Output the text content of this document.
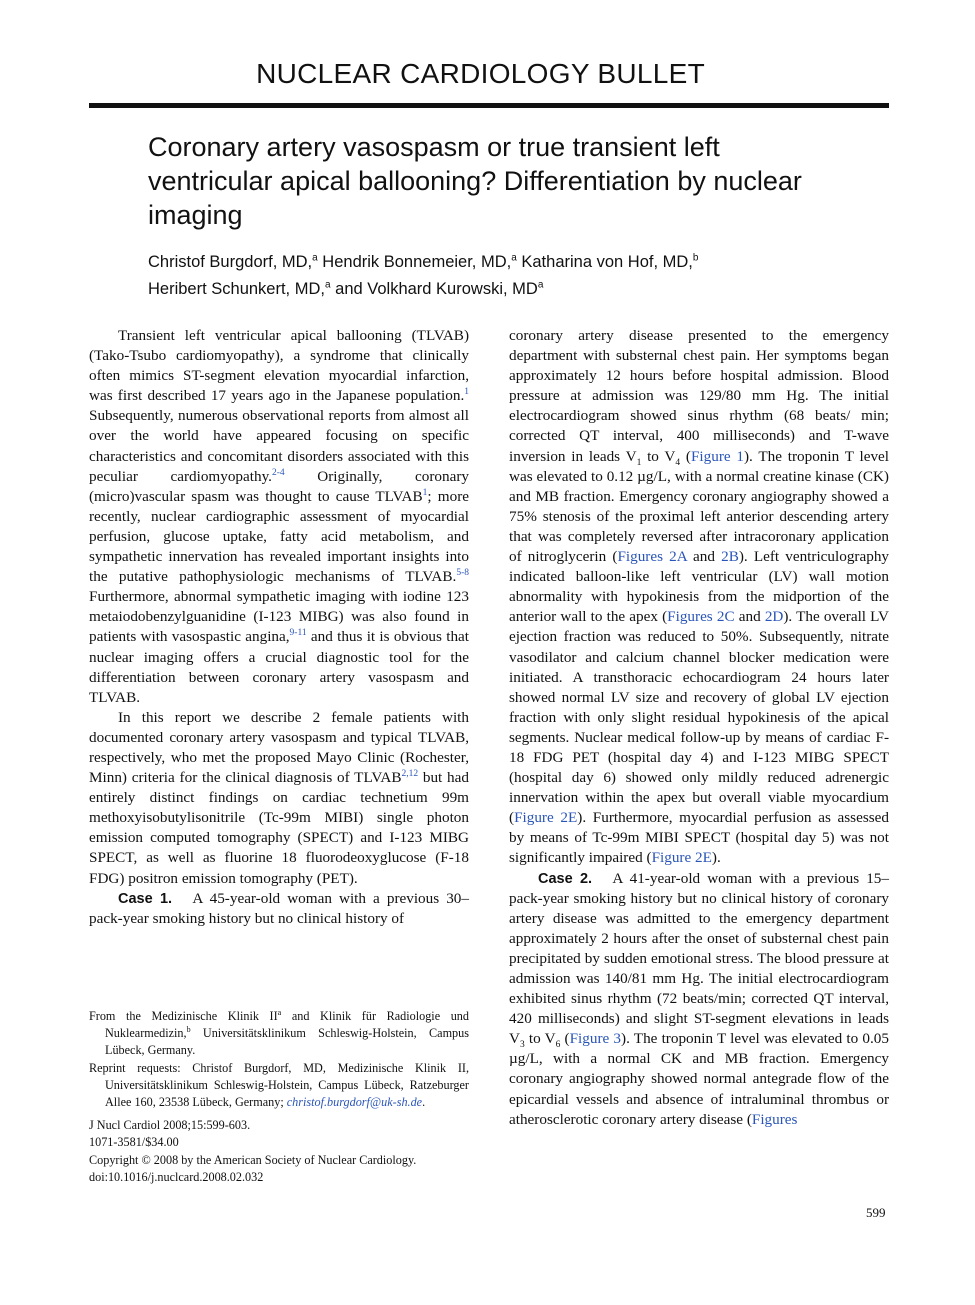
NUCLEAR CARDIOLOGY BULLET
Coronary artery vasospasm or true transient left ventricular apical ballooning? Differentiation by nuclear imaging
Christof Burgdorf, MD,$^a$ Hendrik Bonnemeier, MD,$^a$ Katharina von Hof, MD,$^b$
Heribert Schunkert, MD,$^a$ and Volkhard Kurowski, $MD^a$

Transient left ventricular apical ballooning (TLVAB) (Tako-Tsubo cardiomyopathy), a syndrome that clinically often mimics ST-segment elevation myocardial infarction, was first described 17 years ago in the Japanese population.$^1$ Subsequently, numerous observational reports from almost all over the world have appeared focusing on specific characteristics and concomitant disorders associated with this peculiar cardiomyopathy.$^{2-4}$ Originally, coronary (micro)vascular spasm was thought to cause TLVAB$^1$; more recently, nuclear cardiographic assessment of myocardial perfusion, glucose uptake, fatty acid metabolism, and sympathetic innervation has revealed important insights into the putative pathophysiologic mechanisms of TLVAB.$^{5-8}$ Furthermore, abnormal sympathetic imaging with iodine 123 metaiodobenzylguanidine (I-123 MIBG) was also found in patients with vasospastic angina,$^{9-11}$ and thus it is obvious that nuclear imaging offers a crucial diagnostic tool for the differentiation between coronary artery vasospasm and TLVAB.

In this report we describe 2 female patients with documented coronary artery vasospasm and typical TLVAB, respectively, who met the proposed Mayo Clinic (Rochester, Minn) criteria for the clinical diagnosis of TLVAB$^{2,12}$ but had entirely distinct findings on cardiac technetium 99m methoxyisobutylisonitrile (Tc-99m MIBI) single photon emission computed tomography (SPECT) and I-123 MIBG SPECT, as well as fluorine 18 fluorodeoxyglucose (F-18 FDG) positron emission tomography (PET).

Case 1. A 45-year-old woman with a previous 30–pack-year smoking history but no clinical history of

coronary artery disease presented to the emergency department with substernal chest pain. Her symptoms began approximately 12 hours before hospital admission. Blood pressure at admission was 129/80 mm Hg. The initial electrocardiogram showed sinus rhythm (68 beats/ min; corrected QT interval, 400 milliseconds) and T-wave inversion in leads $V_1$ to $V_4$ (Figure 1). The troponin T level was elevated to 0.12 µg/L, with a normal creatine kinase (CK) and MB fraction. Emergency coronary angiography showed a 75% stenosis of the proximal left anterior descending artery that was completely reversed after intracoronary application of nitroglycerin (Figures 2A and 2B). Left ventriculography indicated balloon-like left ventricular (LV) wall motion abnormality with hypokinesis from the midportion of the anterior wall to the apex (Figures 2C and 2D). The overall LV ejection fraction was reduced to 50%. Subsequently, nitrate vasodilator and calcium channel blocker medication were initiated. A transthoracic echocardiogram 24 hours later showed normal LV size and recovery of global LV ejection fraction with only slight residual hypokinesis of the apical segments. Nuclear medical follow-up by means of cardiac F-18 FDG PET (hospital day 4) and I-123 MIBG SPECT (hospital day 6) showed only mildly reduced adrenergic innervation within the apex but overall viable myocardium (Figure 2E). Furthermore, myocardial perfusion as assessed by means of Tc-99m MIBI SPECT (hospital day 5) was not significantly impaired (Figure 2E).

Case 2. A 41-year-old woman with a previous 15–pack-year smoking history but no clinical history of coronary artery disease was admitted to the emergency department approximately 2 hours after the onset of substernal chest pain precipitated by sudden emotional stress. The blood pressure at admission was 140/81 mm Hg. The initial electrocardiogram exhibited sinus rhythm (72 beats/min; corrected QT interval, 420 milliseconds) and slight ST-segment elevations in leads $V_3$ to $V_6$ (Figure 3). The troponin T level was elevated to 0.05 µg/L, with a normal CK and MB fraction. Emergency coronary angiography showed normal antegrade flow of the epicardial vessels and absence of intraluminal thrombus or atherosclerotic coronary artery disease (Figures

From the Medizinische Klinik $II^a$ and Klinik für Radiologie und Nuklearmedizin,$^b$ Universitätsklinikum Schleswig-Holstein, Campus Lübeck, Germany.

Reprint requests: Christof Burgdorf, MD, Medizinische Klinik II, Universitätsklinikum Schleswig-Holstein, Campus Lübeck, Ratzeburger Allee 160, 23538 Lübeck, Germany; christof.burgdorf@uk-sh.de.

J Nucl Cardiol 2008;15:599-603.

1071-3581/$34.00

Copyright © 2008 by the American Society of Nuclear Cardiology.

doi:10.1016/j.nuclcard.2008.02.032

599
